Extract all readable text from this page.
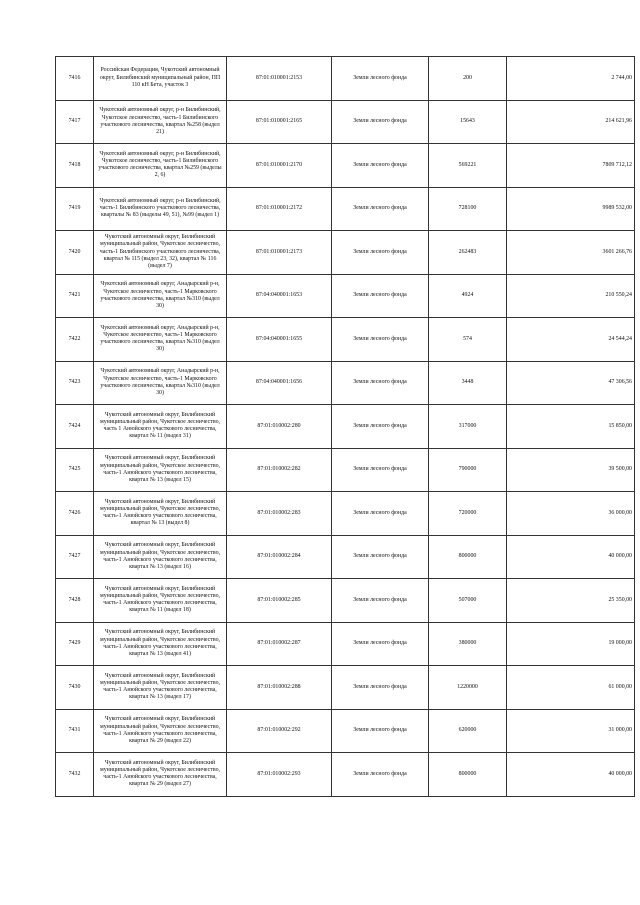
7416	Российская Федерация, Чукотский автономный округ, Билибинский муниципальный район, ПП 110 кН Бета, участок 3	87:01:010001:2153	Земли лесного фонда	200	2 744,00
7417	Чукотский автономный округ, р-н Билибинский, Чукотское лесничество, часть-1 Билибинского участкового лесничества, квартал №258 (выдел 21)	87:01:010001:2165	Земли лесного фонда	15643	214 621,96
7418	Чукотский автономный округ, р-н Билибинский, Чукотское лесничество, часть-1 Билибинского участкового лесничества, квартал №259 (выделы 2, 6)	87:01:010001:2170	Земли лесного фонда	569221	7809 712,12
7419	Чукотский автономный округ, р-н Билибинский, часть-1 Билибинского участкового лесничества, кварталы № 83 (выделы 49, 51), №99 (выдел 1)	87:01:010001:2172	Земли лесного фонда	728100	9989 532,00
7420	Чукотский автономный округ, Билибинский муниципальный район, Чукотское лесничество, часть-1 Билибинского участкового лесничества, квартал № 115 (выдел 23, 32), квартал № 116 (выдел 7)	87:01:010001:2173	Земли лесного фонда	262483	3601 266,76
7421	Чукотский автономный округ, Анадырский р-н, Чукотское лесничество, часть-1 Марковского участкового лесничества, квартал №310 (выдел 30)	87:04:040001:1653	Земли лесного фонда	4924	210 550,24
7422	Чукотский автономный округ, Анадырский р-н, Чукотское лесничество, часть-1 Марковского участкового лесничества, квартал №310 (выдел 30)	87:04:040001:1655	Земли лесного фонда	574	24 544,24
7423	Чукотский автономный округ, Анадырский р-н, Чукотское лесничество, часть-1 Марковского участкового лесничества, квартал №310 (выдел 30)	87:04:040001:1656	Земли лесного фонда	3448	47 306,56
7424	Чукотский автономный округ, Билибинский муниципальный район, Чукотское лесничество, часть 1 Анюйского участкового лесничества, квартал № 11 (выдел 31)	87:01:010002:280	Земли лесного фонда	317000	15 850,00
7425	Чукотский автономный округ, Билибинский муниципальный район, Чукотское лесничество, часть-1 Анюйского участкового лесничества, квартал № 13 (выдел 15)	87:01:010002:282	Земли лесного фонда	790000	39 500,00
7426	Чукотский автономный округ, Билибинский муниципальный район, Чукотское лесничество, часть-1 Анюйского участкового лесничества, квартал № 13 (выдел 8)	87:01:010002:283	Земли лесного фонда	720000	36 000,00
7427	Чукотский автономный округ, Билибинский муниципальный район, Чукотское лесничество, часть-1 Анюйского участкового лесничества, квартал № 13 (выдел 16)	87:01:010002:284	Земли лесного фонда	800000	40 000,00
7428	Чукотский автономный округ, Билибинский муниципальный район, Чукотское лесничество, часть-1 Анюйского участкового лесничества, квартал № 11 (выдел 18)	87:01:010002:285	Земли лесного фонда	507000	25 350,00
7429	Чукотский автономный округ, Билибинский муниципальный район, Чукотское лесничество, часть-1 Анюйского участкового лесничества, квартал № 13 (выдел 41)	87:01:010002:287	Земли лесного фонда	380000	19 000,00
7430	Чукотский автономный округ, Билибинский муниципальный район, Чукотское лесничество, часть-1 Анюйского участкового лесничества, квартал № 13 (выдел 17)	87:01:010002:288	Земли лесного фонда	1220000	61 000,00
7431	Чукотский автономный округ, Билибинский муниципальный район, Чукотское лесничество, часть-1 Анюйского участкового лесничества, квартал № 29 (выдел 22)	87:01:010002:292	Земли лесного фонда	620000	31 000,00
7432	Чукотский автономный округ, Билибинский муниципальный район, Чукотское лесничество, часть-1 Анюйского участкового лесничества, квартал № 29 (выдел 27)	87:01:010002:293	Земли лесного фонда	800000	40 000,00
